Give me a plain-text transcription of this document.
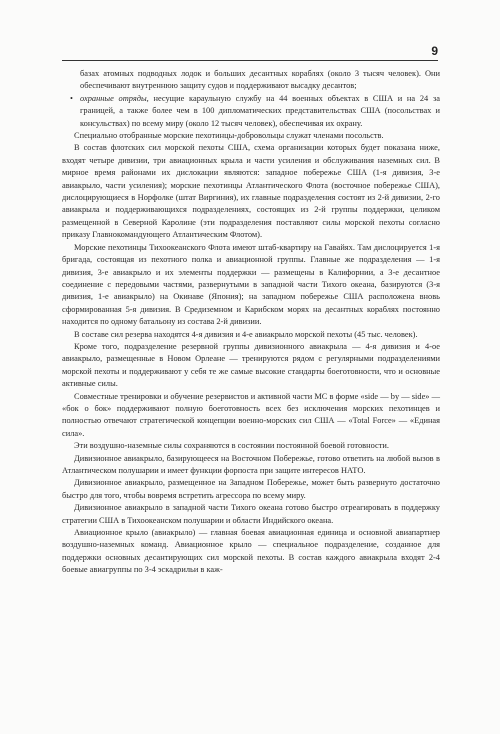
9
базах атомных подводных лодок и больших десантных кораблях (около 3 тысяч человек). Они обеспечивают внутреннюю защиту судов и поддерживают высадку десантов;
• охранные отряды, несущие караульную службу на 44 военных объектах в США и на 24 за границей, а также более чем в 100 дипломатических представительствах США (посольствах и консульствах) по всему миру (около 12 тысяч человек), обеспечивая их охрану.

Специально отобранные морские пехотинцы-добровольцы служат членами посольств.

В состав флотских сил морской пехоты США, схема организации которых будет показана ниже, входят четыре дивизии, три авиационных крыла и части усиления и обслуживания наземных сил. В мирное время районами их дислокации являются: западное побережье США (1-я дивизия, 3-е авиакрыло, части усиления); морские пехотинцы Атлантического Флота (восточное побережье США), дислоцирующиеся в Норфолке (штат Виргиния), их главные подразделения состоят из 2-й дивизии, 2-го авиакрыла и поддерживающихся подразделениях, состоящих из 2-й группы поддержки, целиком размещенной в Северной Каролине (эти подразделения поставляют силы морской пехоты согласно приказу Главнокомандующего Атлантическим Флотом).

Морские пехотинцы Тихоокеанского Флота имеют штаб-квартиру на Гавайях. Там дислоцируется 1-я бригада, состоящая из пехотного полка и авиационной группы. Главные же подразделения — 1-я дивизия, 3-е авиакрыло и их элементы поддержки — размещены в Калифорнии, а 3-е десантное соединение с передовыми частями, развернутыми в западной части Тихого океана, базируются (3-я дивизия, 1-е авиакрыло) на Окинаве (Япония); на западном побережье США расположена вновь сформированная 5-я дивизия. В Средиземном и Карибском морях на десантных кораблях постоянно находится по одному батальону из состава 2-й дивизии.

В составе сил резерва находятся 4-я дивизия и 4-е авиакрыло морской пехоты (45 тыс. человек).

Кроме того, подразделение резервной группы дивизионного авиакрыла — 4-я дивизия и 4-ое авиакрыло, размещенные в Новом Орлеане — тренируются рядом с регулярными подразделениями морской пехоты и поддерживают у себя те же самые высокие стандарты боеготовности, что и основные активные силы.

Совместные тренировки и обучение резервистов и активной части МС в форме «side — by — side» — «бок о бок» поддерживают полную боеготовность всех без исключения морских пехотинцев и полностью отвечают стратегической концепции военно-морских сил США — «Total Force» — «Единая сила».

Эти воздушно-наземные силы сохраняются в состоянии постоянной боевой готовности.

Дивизионное авиакрыло, базирующееся на Восточном Побережье, готово ответить на любой вызов в Атлантическом полушарии и имеет функции форпоста при защите интересов НАТО.

Дивизионное авиакрыло, размещенное на Западном Побережье, может быть развернуто достаточно быстро для того, чтобы вовремя встретить агрессора по всему миру.

Дивизионное авиакрыло в западной части Тихого океана готово быстро отреагировать в поддержку стратегии США в Тихоокеанском полушарии и области Индийского океана.

Авиационное крыло (авиакрыло) — главная боевая авиационная единица и основной авиапартнер воздушно-наземных команд. Авиационное крыло — специальное подразделение, созданное для поддержки основных десантирующих сил морской пехоты. В состав каждого авиакрыла входят 2-4 боевые авиагруппы по 3-4 эскадрильи в каж-
